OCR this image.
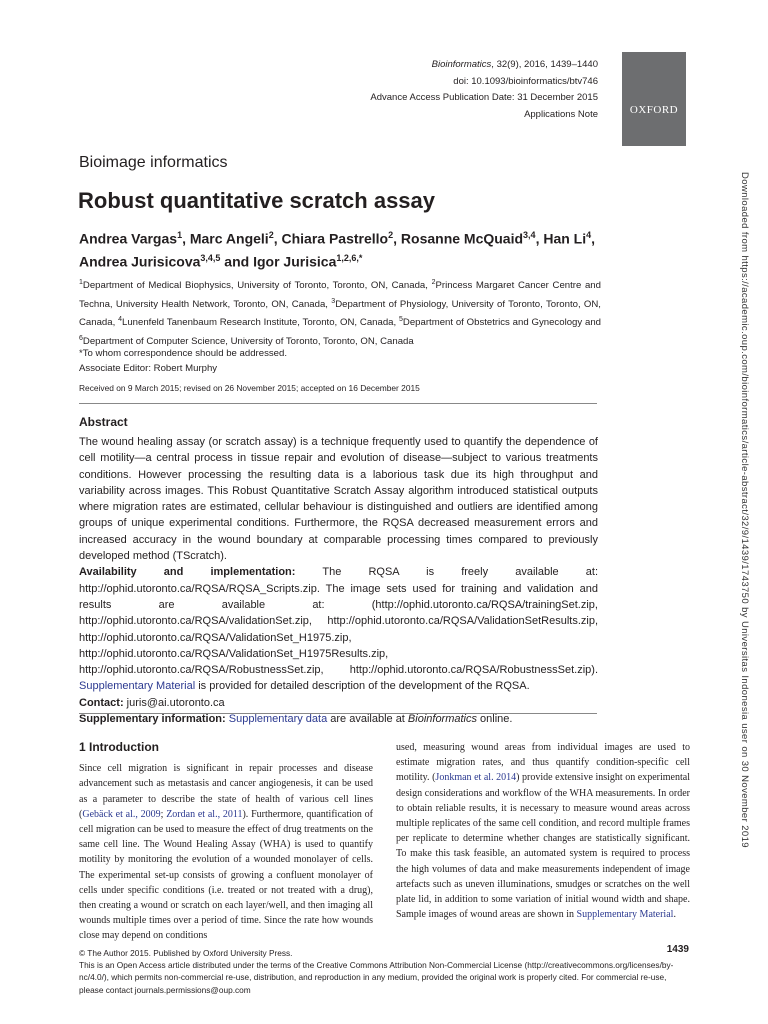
Bioinformatics, 32(9), 2016, 1439–1440
doi: 10.1093/bioinformatics/btv746
Advance Access Publication Date: 31 December 2015
Applications Note	OXFORD
Bioimage informatics
Robust quantitative scratch assay
Andrea Vargas$^1$, Marc Angeli$^2$, Chiara Pastrello$^2$, Rosanne McQuaid$^{3,4}$, Han Li$^4$, Andrea Jurisicova$^{3,4,5}$ and Igor Jurisica$^{1,2,6,*}$
$^1$Department of Medical Biophysics, University of Toronto, Toronto, ON, Canada, $^2$Princess Margaret Cancer Centre and Techna, University Health Network, Toronto, ON, Canada, $^3$Department of Physiology, University of Toronto, Toronto, ON, Canada, $^4$Lunenfeld Tanenbaum Research Institute, Toronto, ON, Canada, $^5$Department of Obstetrics and Gynecology and $^6$Department of Computer Science, University of Toronto, Toronto, ON, Canada
*To whom correspondence should be addressed.
Associate Editor: Robert Murphy
Received on 9 March 2015; revised on 26 November 2015; accepted on 16 December 2015
Abstract

The wound healing assay (or scratch assay) is a technique frequently used to quantify the dependence of cell motility—a central process in tissue repair and evolution of disease—subject to various treatments conditions. However processing the resulting data is a laborious task due its high throughput and variability across images. This Robust Quantitative Scratch Assay algorithm introduced statistical outputs where migration rates are estimated, cellular behaviour is distinguished and outliers are identified among groups of unique experimental conditions. Furthermore, the RQSA decreased measurement errors and increased accuracy in the wound boundary at comparable processing times compared to previously developed method (TScratch).

Availability and implementation: The RQSA is freely available at: http://ophid.utoronto.ca/RQSA/RQSA_Scripts.zip. The image sets used for training and validation and results are available at: (http://ophid.utoronto.ca/RQSA/trainingSet.zip, http://ophid.utoronto.ca/RQSA/validationSet.zip, http://ophid.utoronto.ca/RQSA/ValidationSetResults.zip, http://ophid.utoronto.ca/RQSA/ValidationSet_H1975.zip, http://ophid.utoronto.ca/RQSA/ValidationSet_H1975Results.zip, http://ophid.utoronto.ca/RQSA/RobustnessSet.zip, http://ophid.utoronto.ca/RQSA/RobustnessSet.zip). Supplementary Material is provided for detailed description of the development of the RQSA.

Contact: juris@ai.utoronto.ca

Supplementary information: Supplementary data are available at Bioinformatics online.

1 Introduction
Since cell migration is significant in repair processes and disease advancement such as metastasis and cancer angiogenesis, it can be used as a parameter to describe the state of health of various cell lines (Gebäck et al., 2009; Zordan et al., 2011). Furthermore, quantification of cell migration can be used to measure the effect of drug treatments on the same cell line. The Wound Healing Assay (WHA) is used to quantify motility by monitoring the evolution of a wounded monolayer of cells. The experimental set-up consists of growing a confluent monolayer of cells under specific conditions (i.e. treated or not treated with a drug), then creating a wound or scratch on each layer/well, and then imaging all wounds multiple times over a period of time. Since the rate how wounds close may depend on conditions
used, measuring wound areas from individual images are used to estimate migration rates, and thus quantify condition-specific cell motility. (Jonkman et al. 2014) provide extensive insight on experimental design considerations and workflow of the WHA measurements. In order to obtain reliable results, it is necessary to measure wound areas across multiple replicates of the same cell condition, and record multiple frames per replicate to determine whether changes are statistically significant. To make this task feasible, an automated system is required to process the high volumes of data and make measurements independent of image artefacts such as uneven illuminations, smudges or scratches on the well plate lid, in addition to some variation of initial wound width and shape. Sample images of wound areas are shown in Supplementary Material.
1439
© The Author 2015. Published by Oxford University Press.
This is an Open Access article distributed under the terms of the Creative Commons Attribution Non-Commercial License (http://creativecommons.org/licenses/by-nc/4.0/), which permits non-commercial re-use, distribution, and reproduction in any medium, provided the original work is properly cited. For commercial re-use, please contact journals.permissions@oup.com
Downloaded from https://academic.oup.com/bioinformatics/article-abstract/32/9/1439/1743750 by Universitas Indonesia user on 30 November 2019
